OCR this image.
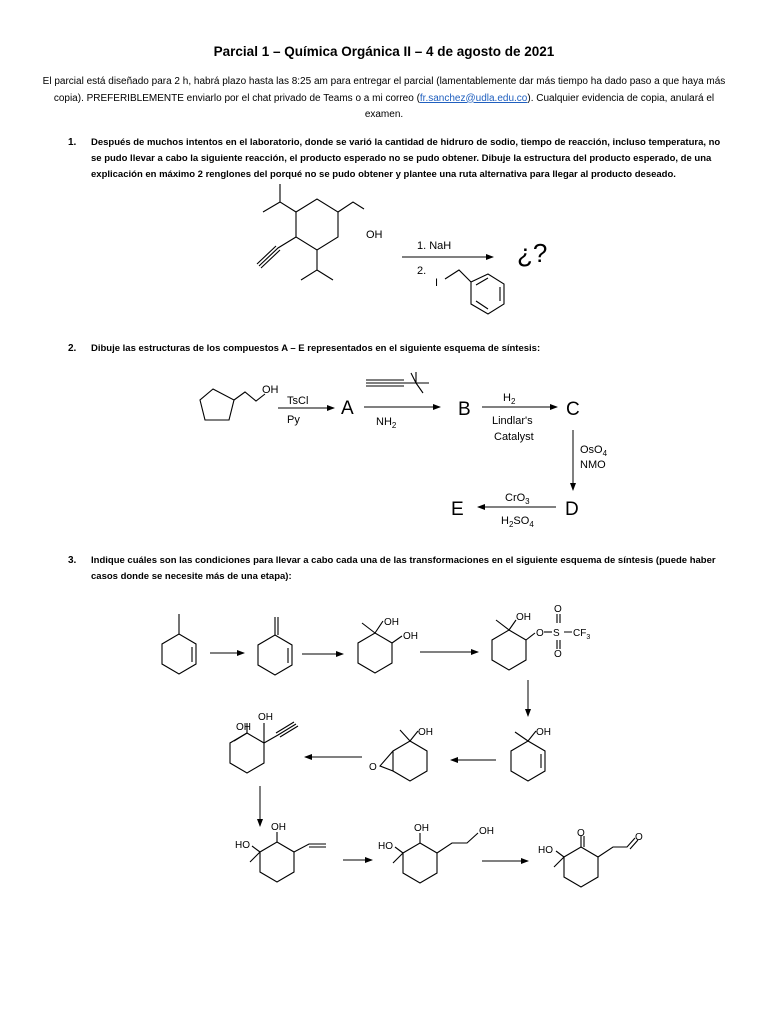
Parcial 1 – Química Orgánica II – 4 de agosto de 2021
El parcial está diseñado para 2 h, habrá plazo hasta las 8:25 am para entregar el parcial (lamentablemente dar más tiempo ha dado paso a que haya más copia). PREFERIBLEMENTE enviarlo por el chat privado de Teams o a mi correo (fr.sanchez@udla.edu.co). Cualquier evidencia de copia, anulará el examen.
1. Después de muchos intentos en el laboratorio, donde se varió la cantidad de hidruro de sodio, tiempo de reacción, incluso temperatura, no se pudo llevar a cabo la siguiente reacción, el producto esperado no se pudo obtener. Dibuje la estructura del producto esperado, de una explicación en máximo 2 renglones del porqué no se pudo obtener y plantee una ruta alternativa para llegar al producto deseado.
2. Dibuje las estructuras de los compuestos A – E representados en el siguiente esquema de síntesis:
3. Indique cuáles son las condiciones para llevar a cabo cada una de las transformaciones en el siguiente esquema de síntesis (puede haber casos donde se necesite más de una etapa):
OH
1. NaH
2.
I
¿?
OH
TsCl
Py
A
$NH_2$
B
$H_2$
Lindlar's
Catalyst
C
OsO$_4$
NMO
D
CrO$_3$
$H_2SO_4$
E
OH
OH
OH
O S
O
O
$CF_3$
OH
O
OH
OH
OH
HO
OH
HO
OH	OH
HO
O	O
